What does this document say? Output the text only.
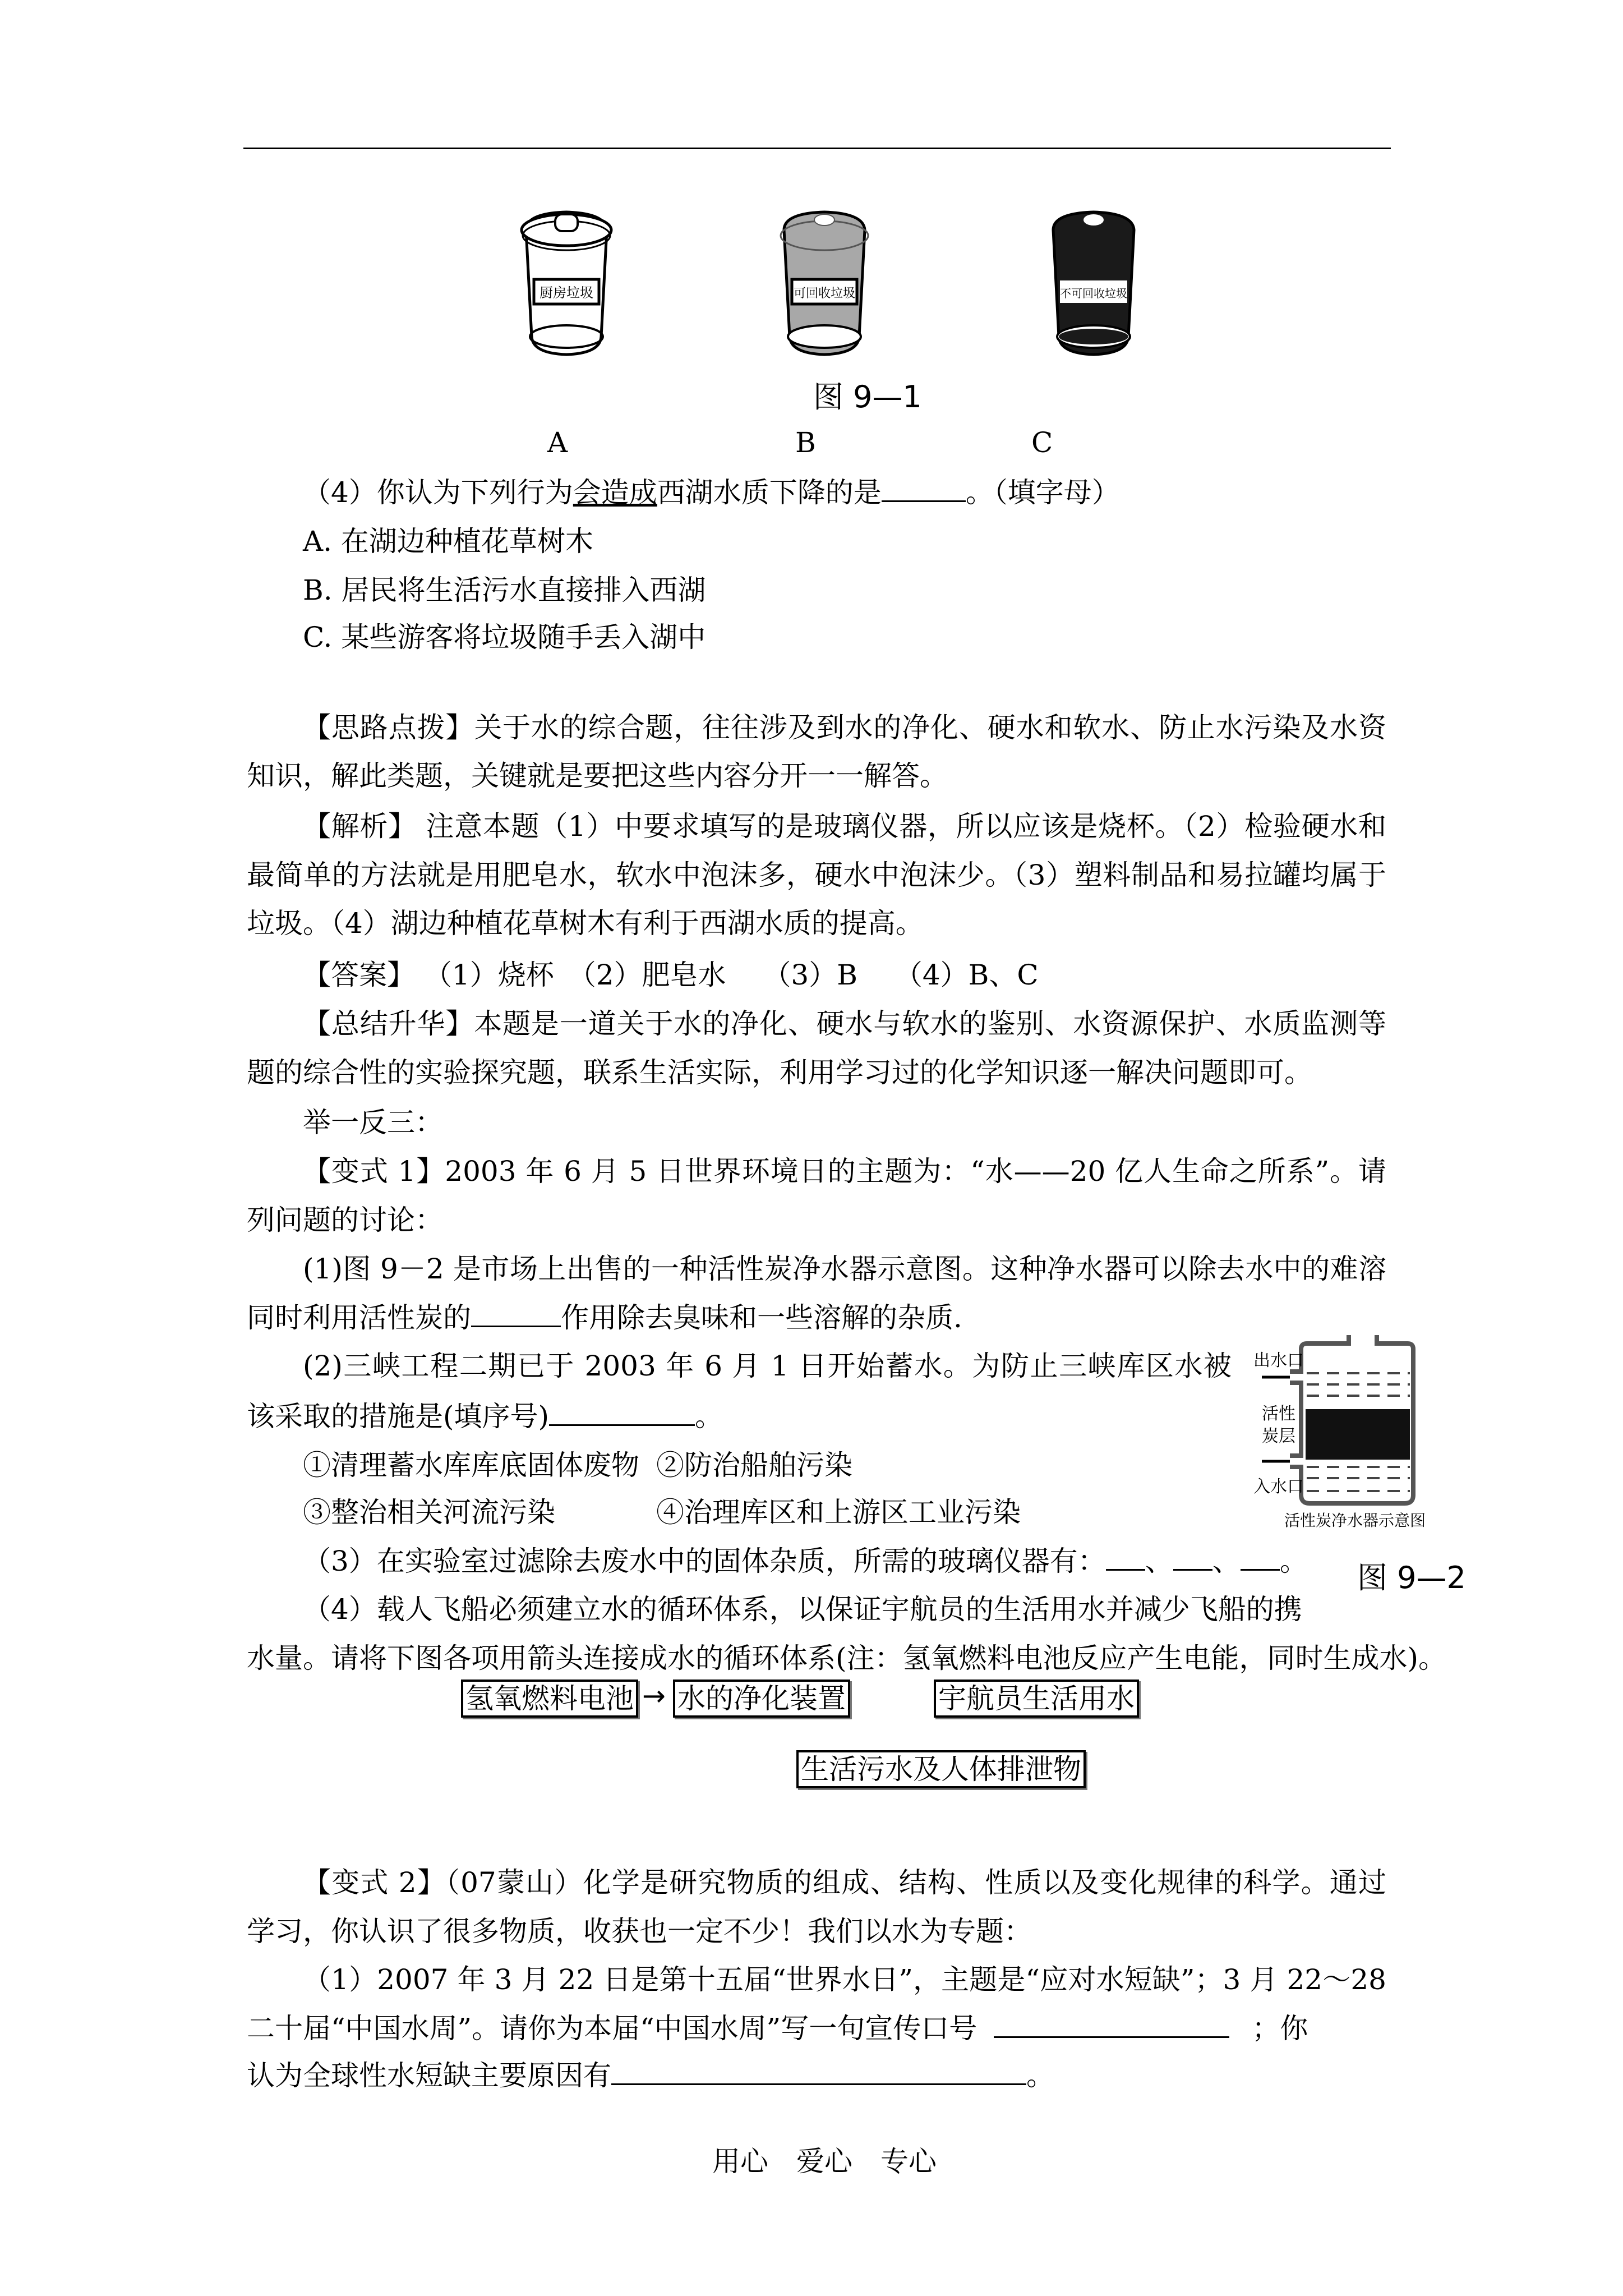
厨房垃圾	可回收垃圾	不可回收垃圾
图 9—1
A	B	C
（4）你认为下列行为会造成西湖水质下降的是	。（填字母）
A. 在湖边种植花草树木
B. 居民将生活污水直接排入西湖
C. 某些游客将垃圾随手丢入湖中
【思路点拨】关于水的综合题，往往涉及到水的净化、硬水和软水、防止水污染及水资
知识，解此类题，关键就是要把这些内容分开一一解答。
【解析】 注意本题（1）中要求填写的是玻璃仪器，所以应该是烧杯。（2）检验硬水和
最简单的方法就是用肥皂水，软水中泡沫多，硬水中泡沫少。（3）塑料制品和易拉罐均属于
垃圾。（4）湖边种植花草树木有利于西湖水质的提高。
【答案】 （1）烧杯　（2）肥皂水　 （3）B　 （4）B、C
【总结升华】本题是一道关于水的净化、硬水与软水的鉴别、水资源保护、水质监测等
题的综合性的实验探究题，联系生活实际，利用学习过的化学知识逐一解决问题即可。
举一反三：
【变式 1】2003 年 6 月 5 日世界环境日的主题为：“水——20 亿人生命之所系”。请
列问题的讨论：
(1)图 9－2 是市场上出售的一种活性炭净水器示意图。这种净水器可以除去水中的难溶
同时利用活性炭的	作用除去臭味和一些溶解的杂质.
(2)三峡工程二期已于 2003 年 6 月 1 日开始蓄水。为防止三峡库区水被
该采取的措施是(填序号)	。
①清理蓄水库库底固体废物 ②防治船舶污染
③整治相关河流污染	④治理库区和上游区工业污染
（3）在实验室过滤除去废水中的固体杂质，所需的玻璃仪器有： 、 、 。
（4）载人飞船必须建立水的循环体系，以保证宇航员的生活用水并减少飞船的携
水量。请将下图各项用箭头连接成水的循环体系(注：氢氧燃料电池反应产生电能，同时生成水)。
出水口
活性
炭层
入水口
活性炭净水器示意图
图 9—2
氢氧燃料电池 → 水的净化装置	宇航员生活用水
生活污水及人体排泄物
【变式 2】（07蒙山）化学是研究物质的组成、结构、性质以及变化规律的科学。通过
学习，你认识了很多物质，收获也一定不少！我们以水为专题：
（1）2007 年 3 月 22 日是第十五届“世界水日”，主题是“应对水短缺”；3 月 22～28
二十届“中国水周”。请你为本届“中国水周”写一句宣传口号	；你
认为全球性水短缺主要原因有	。
用心　爱心　专心
